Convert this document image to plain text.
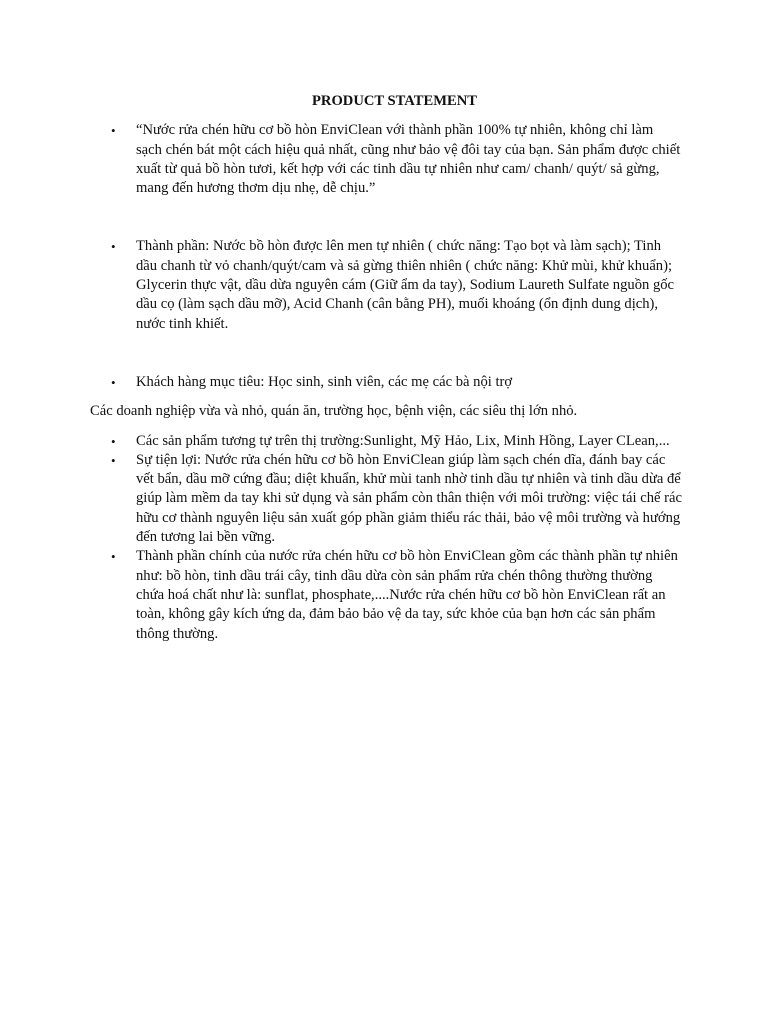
PRODUCT STATEMENT
• “Nước rửa chén hữu cơ bồ hòn EnviClean với thành phần 100% tự nhiên, không chỉ làm sạch chén bát một cách hiệu quả nhất, cũng như bảo vệ đôi tay của bạn. Sản phẩm được chiết xuất từ quả bồ hòn tươi, kết hợp với các tinh dầu tự nhiên như cam/ chanh/ quýt/ sả gừng, mang đến hương thơm dịu nhẹ, dễ chịu.”
• Thành phần: Nước bồ hòn được lên men tự nhiên ( chức năng: Tạo bọt và làm sạch); Tinh dầu chanh từ vỏ chanh/quýt/cam và sả gừng thiên nhiên ( chức năng: Khử mùi, khử khuẩn); Glycerin thực vật, dầu dừa nguyên cám (Giữ ẩm da tay), Sodium Laureth Sulfate nguồn gốc dầu cọ (làm sạch dầu mỡ), Acid Chanh (cân bằng PH), muối khoáng (ổn định dung dịch), nước tinh khiết.
• Khách hàng mục tiêu: Học sinh, sinh viên, các mẹ các bà nội trợ

Các doanh nghiệp vừa và nhỏ, quán ăn, trường học, bệnh viện, các siêu thị lớn nhỏ.

• Các sản phẩm tương tự trên thị trường:Sunlight, Mỹ Hảo, Lix, Minh Hồng, Layer CLean,...
• Sự tiện lợi: Nước rửa chén hữu cơ bồ hòn EnviClean giúp làm sạch chén dĩa, đánh bay các vết bẩn, dầu mỡ cứng đầu; diệt khuẩn, khử mùi tanh nhờ tinh dầu tự nhiên và tinh dầu dừa để giúp làm mềm da tay khi sử dụng và sản phẩm còn thân thiện với môi trường: việc tái chế rác hữu cơ thành nguyên liệu sản xuất góp phần giảm thiểu rác thải, bảo vệ môi trường và hướng đến tương lai bền vững.
• Thành phần chính của nước rửa chén hữu cơ bồ hòn EnviClean gồm các thành phần tự nhiên như: bồ hòn, tinh dầu trái cây, tinh dầu dừa còn sản phẩm rửa chén thông thường thường chứa hoá chất như là: sunflat, phosphate,....Nước rửa chén hữu cơ bồ hòn EnviClean rất an toàn, không gây kích ứng da, đảm bảo bảo vệ da tay, sức khỏe của bạn hơn các sản phẩm thông thường.
